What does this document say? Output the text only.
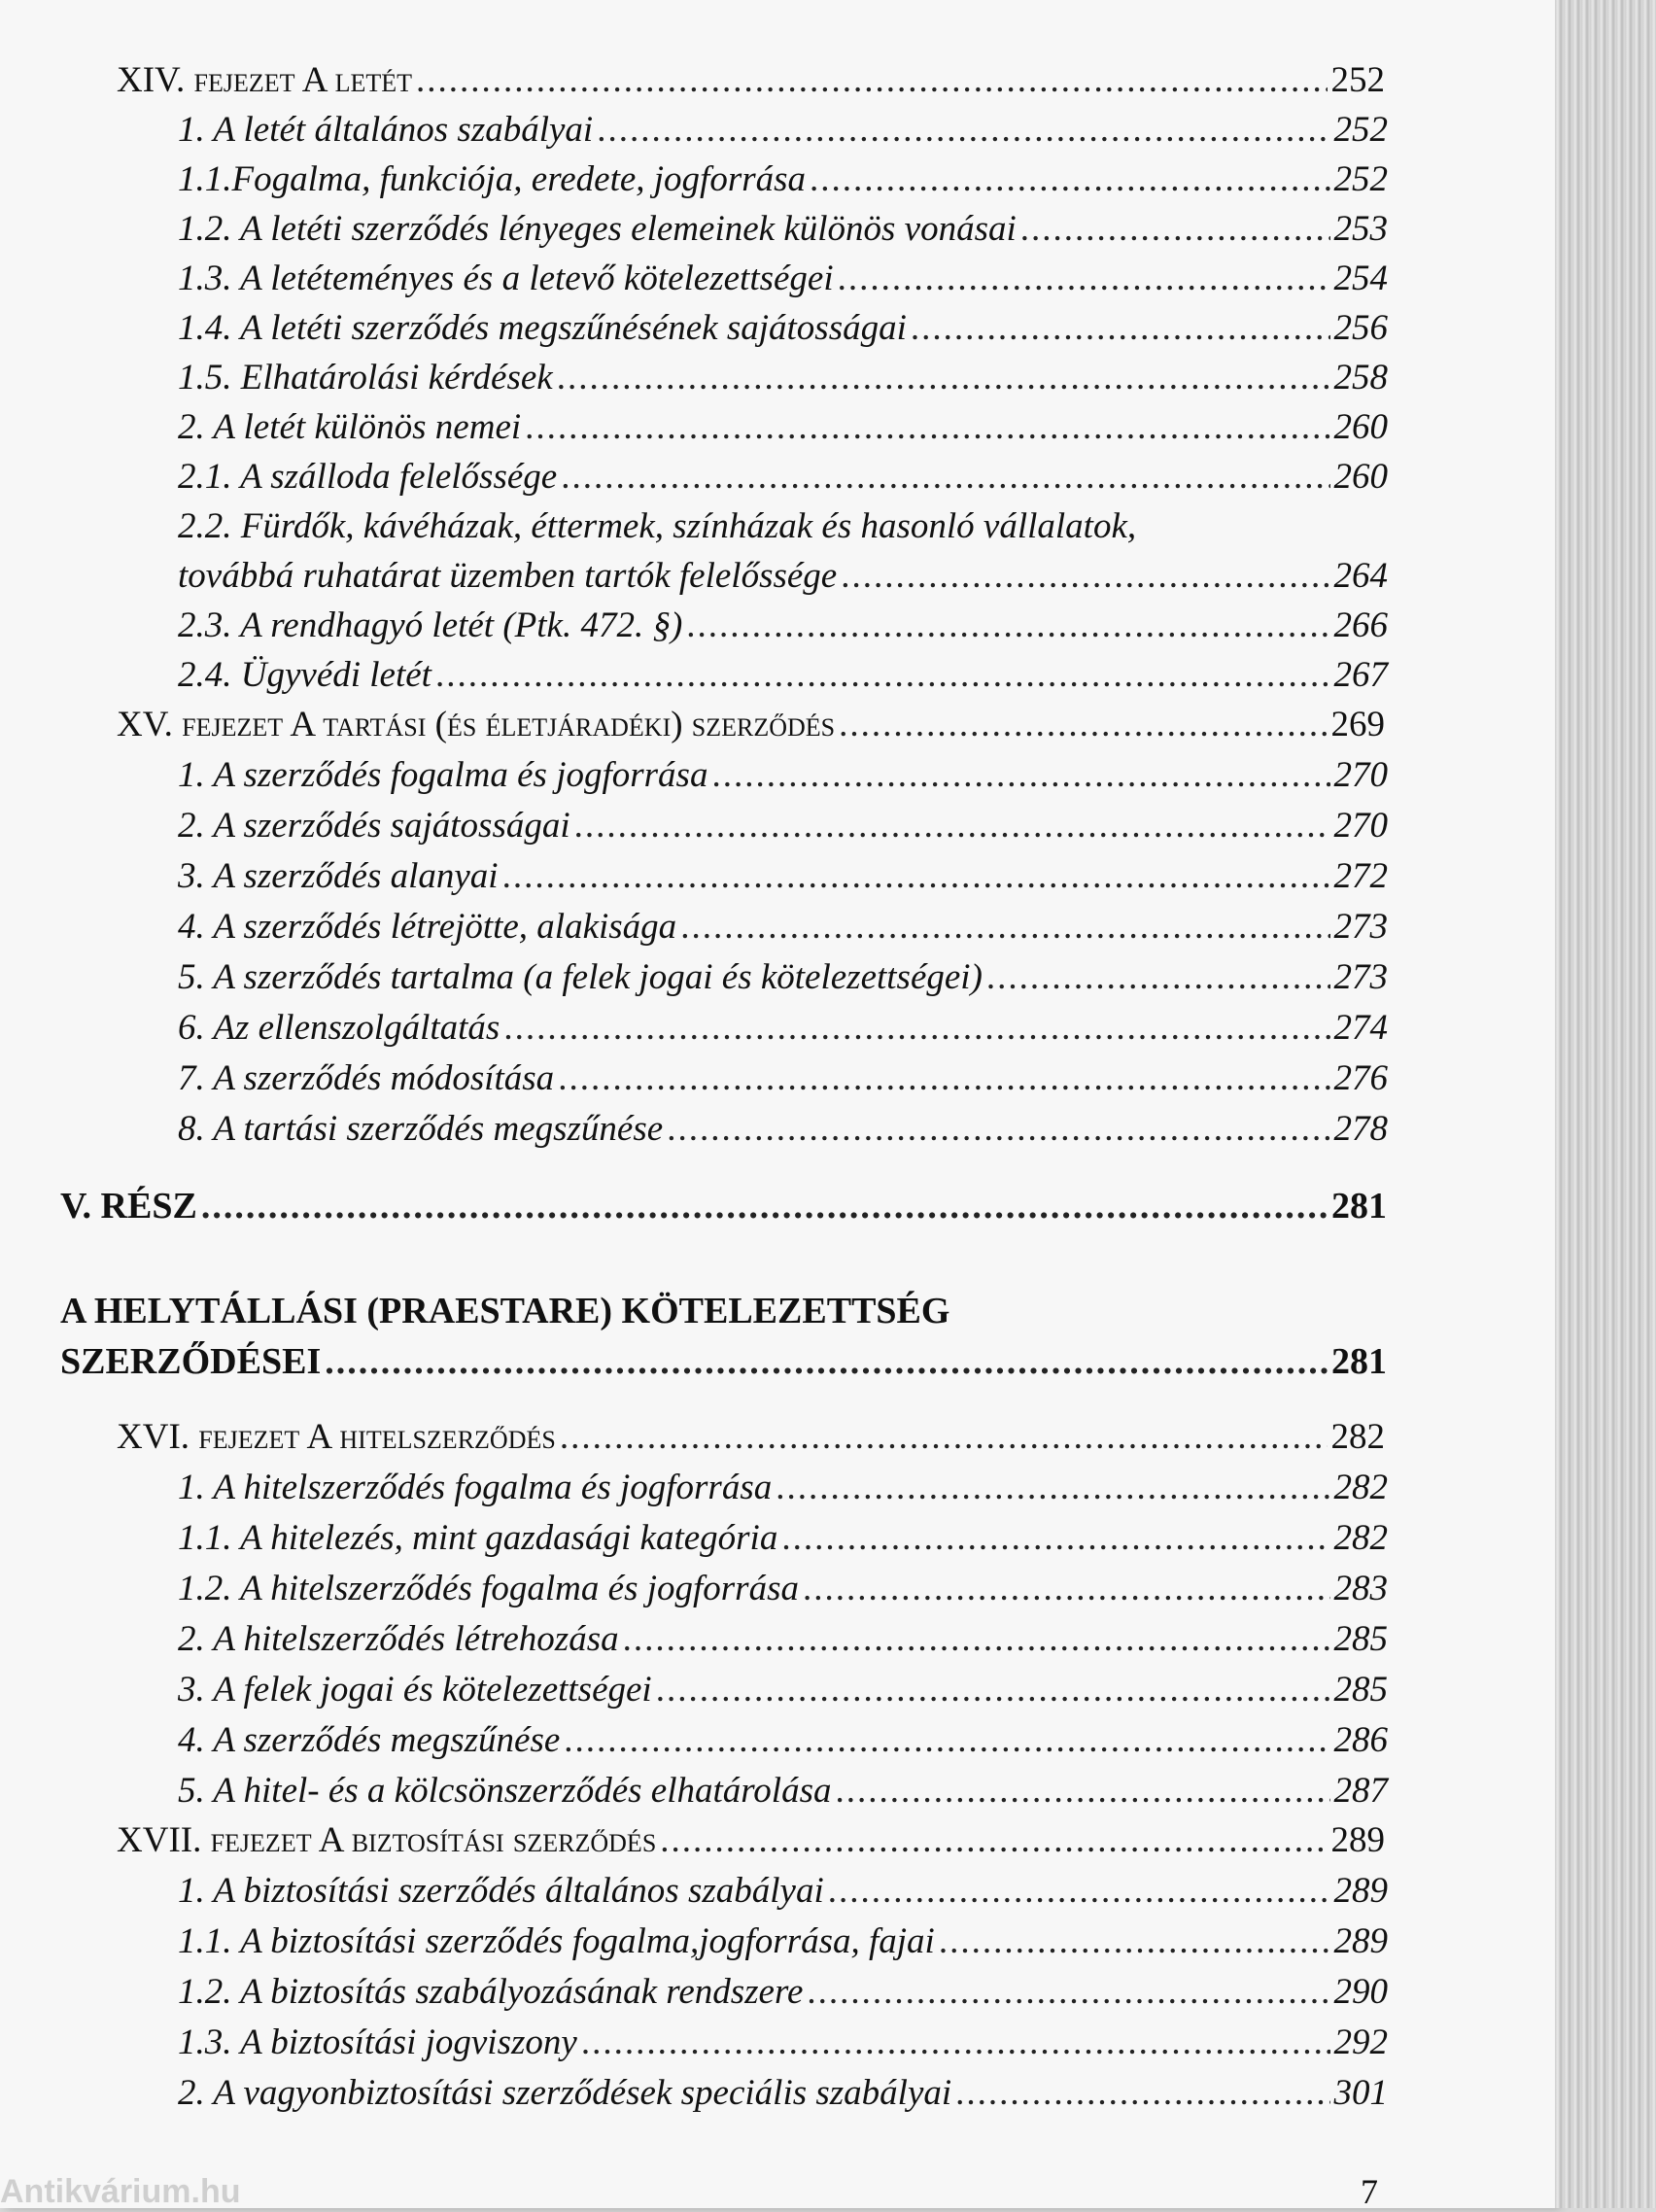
XIV. fejezet A letét .....	252
1. A letét általános szabályai .....	252
1.1.Fogalma, funkciója, eredete, jogforrása .....	252
1.2. A letéti szerződés lényeges elemeinek különös vonásai .....	253
1.3. A letéteményes és a letevő kötelezettségei .....	254
1.4. A letéti szerződés megszűnésének sajátosságai .....	256
1.5. Elhatárolási kérdések .....	258
2. A letét különös nemei .....	260
2.1. A szálloda felelőssége .....	260
2.2. Fürdők, kávéházak, éttermek, színházak és hasonló vállalatok,
továbbá ruhatárat üzemben tartók felelőssége .....	264
2.3. A rendhagyó letét (Ptk. 472. §) .....	266
2.4. Ügyvédi letét .....	267
XV. fejezet A tartási (és életjáradéki) szerződés .....	269
1. A szerződés fogalma és jogforrása .....	270
2. A szerződés sajátosságai .....	270
3. A szerződés alanyai .....	272
4. A szerződés létrejötte, alakisága .....	273
5. A szerződés tartalma (a felek jogai és kötelezettségei) .....	273
6. Az ellenszolgáltatás .....	274
7. A szerződés módosítása .....	276
8. A tartási szerződés megszűnése .....	278
V. RÉSZ .....	281
A HELYTÁLLÁSI (PRAESTARE) KÖTELEZETTSÉG
SZERZŐDÉSEI .....	281
XVI. fejezet A hitelszerződés .....	282
1. A hitelszerződés fogalma és jogforrása .....	282
1.1. A hitelezés, mint gazdasági kategória .....	282
1.2. A hitelszerződés fogalma és jogforrása .....	283
2. A hitelszerződés létrehozása .....	285
3. A felek jogai és kötelezettségei .....	285
4. A szerződés megszűnése .....	286
5. A hitel- és a kölcsönszerződés elhatárolása .....	287
XVII. fejezet A biztosítási szerződés .....	289
1. A biztosítási szerződés általános szabályai .....	289
1.1. A biztosítási szerződés fogalma,jogforrása, fajai .....	289
1.2. A biztosítás szabályozásának rendszere .....	290
1.3. A biztosítási jogviszony .....	292
2. A vagyonbiztosítási szerződések speciális szabályai .....	301
Antikvárium.hu	7
